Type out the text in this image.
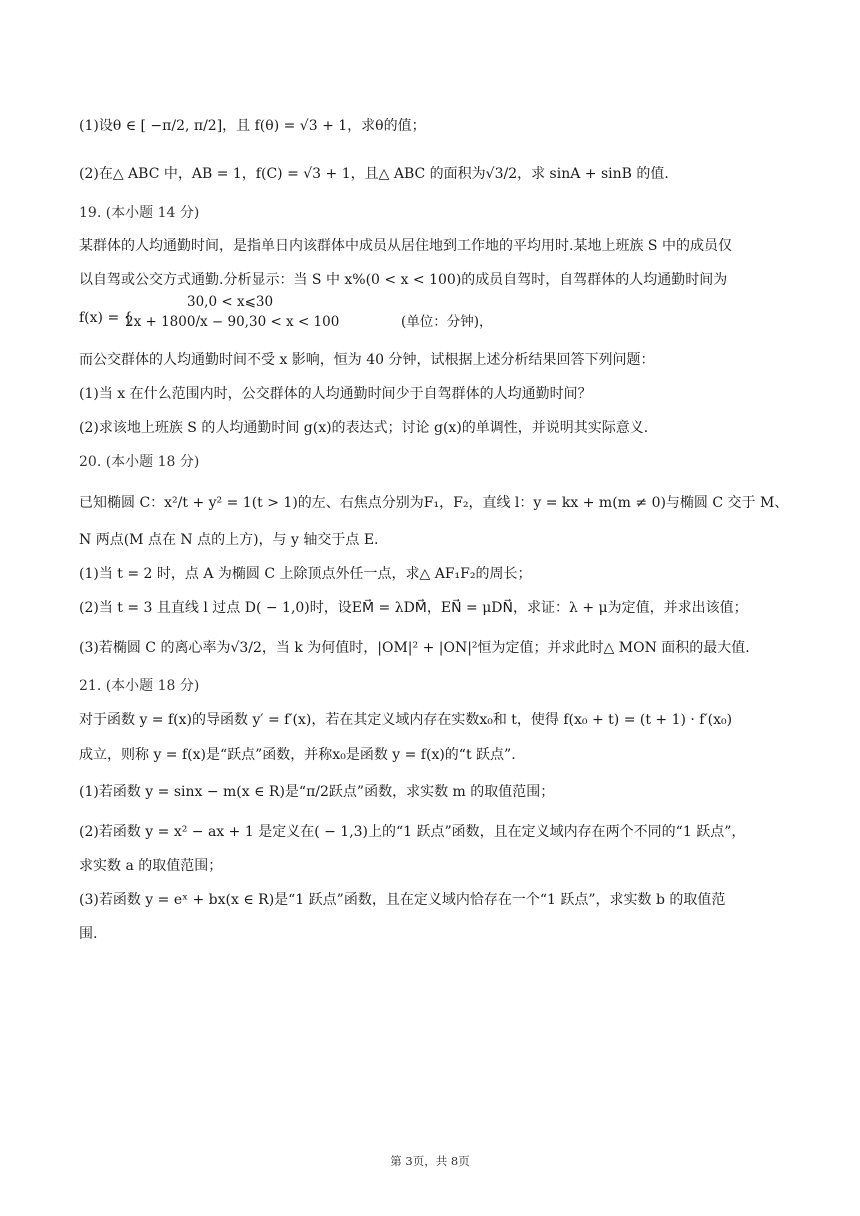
(1)设θ ∈ [ −π/2, π/2]，且 f(θ) = √3 + 1，求θ的值；
(2)在△ ABC 中，AB = 1，f(C) = √3 + 1，且△ ABC 的面积为√3/2，求 sinA + sinB 的值.
19. (本小题 14 分)
某群体的人均通勤时间，是指单日内该群体中成员从居住地到工作地的平均用时.某地上班族 S 中的成员仅
以自驾或公交方式通勤.分析显示：当 S 中 x%(0 < x < 100)的成员自驾时，自驾群体的人均通勤时间为
f(x) = {
30,0 < x⩽30
2x + 1800/x − 90,30 < x < 100	(单位：分钟)，
而公交群体的人均通勤时间不受 x 影响，恒为 40 分钟，试根据上述分析结果回答下列问题：
(1)当 x 在什么范围内时，公交群体的人均通勤时间少于自驾群体的人均通勤时间？
(2)求该地上班族 S 的人均通勤时间 g(x)的表达式；讨论 g(x)的单调性，并说明其实际意义.
20. (本小题 18 分)
已知椭圆 C：x²/t + y² = 1(t > 1)的左、右焦点分别为F₁，F₂，直线 l：y = kx + m(m ≠ 0)与椭圆 C 交于 M、
N 两点(M 点在 N 点的上方)，与 y 轴交于点 E.
(1)当 t = 2 时，点 A 为椭圆 C 上除顶点外任一点，求△ AF₁F₂的周长；
(2)当 t = 3 且直线 l 过点 D( − 1,0)时，设EM⃗ = λDM⃗，EN⃗ = μDN⃗，求证：λ + μ为定值，并求出该值；
(3)若椭圆 C 的离心率为√3/2，当 k 为何值时，|OM|² + |ON|²恒为定值；并求此时△ MON 面积的最大值.
21. (本小题 18 分)
对于函数 y = f(x)的导函数 y′ = f′(x)，若在其定义域内存在实数x₀和 t，使得 f(x₀ + t) = (t + 1) · f′(x₀)
成立，则称 y = f(x)是“跃点”函数，并称x₀是函数 y = f(x)的“t 跃点”.
(1)若函数 y = sinx − m(x ∈ R)是“π/2跃点”函数，求实数 m 的取值范围；
(2)若函数 y = x² − ax + 1 是定义在( − 1,3)上的“1 跃点”函数，且在定义域内存在两个不同的“1 跃点”，
求实数 a 的取值范围；
(3)若函数 y = eˣ + bx(x ∈ R)是“1 跃点”函数，且在定义域内恰存在一个“1 跃点”，求实数 b 的取值范
围.
第 3页，共 8页
